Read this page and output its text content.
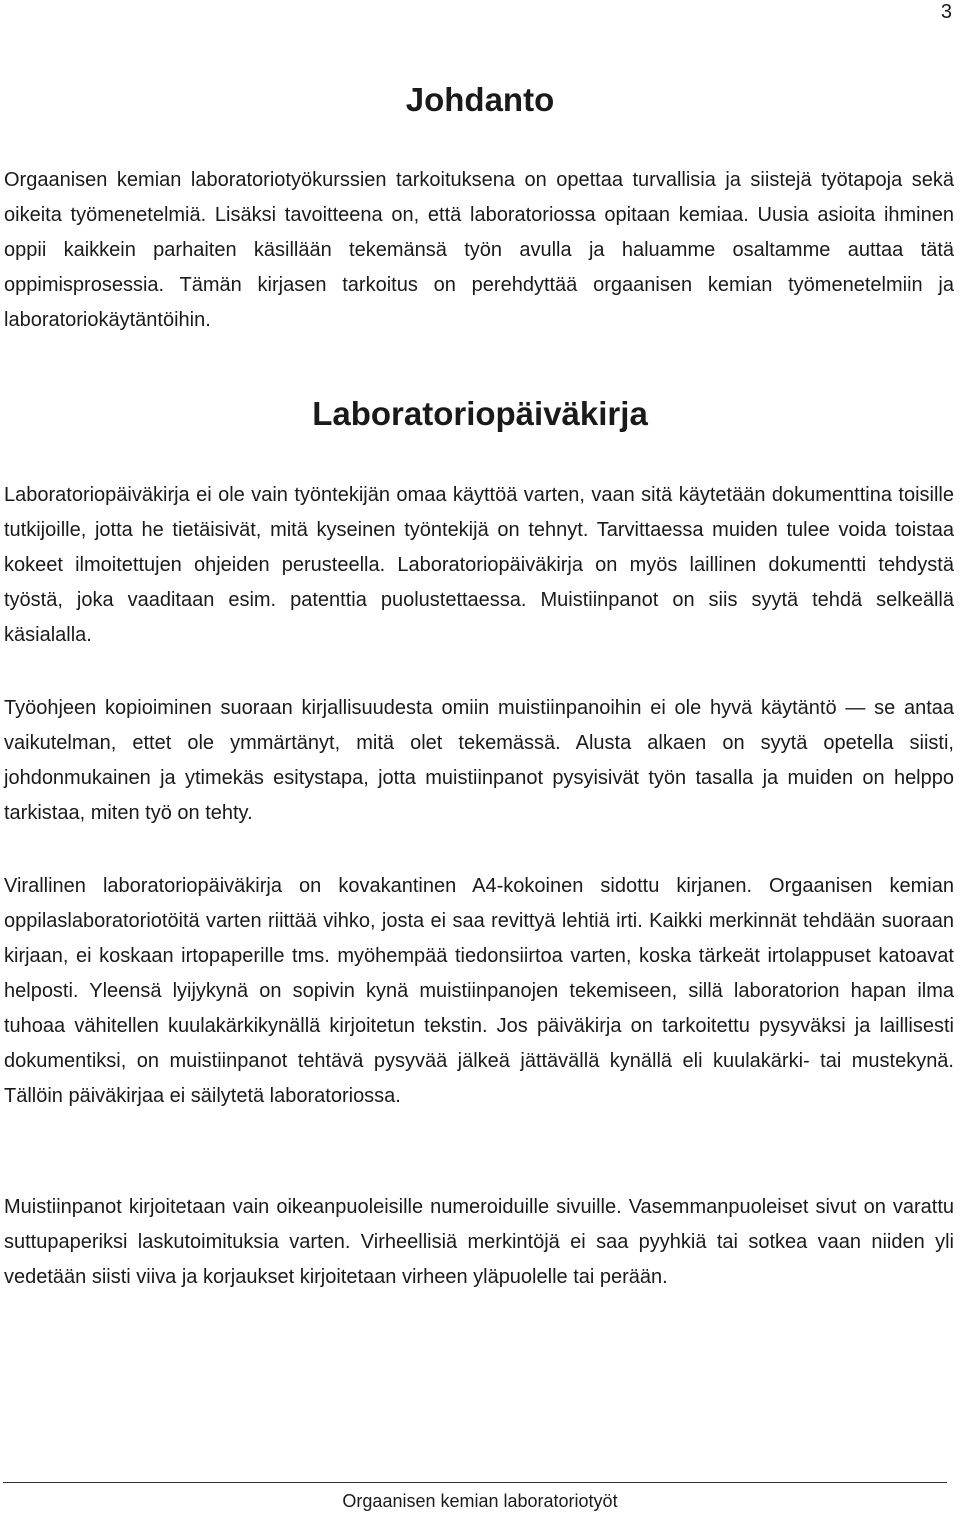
3
Johdanto

Orgaanisen kemian laboratoriotyökurssien tarkoituksena on opettaa turvallisia ja siistejä työtapoja sekä oikeita työmenetelmiä. Lisäksi tavoitteena on, että laboratoriossa opitaan kemiaa. Uusia asioita ihminen oppii kaikkein parhaiten käsillään tekemänsä työn avulla ja haluamme osaltamme auttaa tätä oppimisprosessia. Tämän kirjasen tarkoitus on perehdyttää orgaanisen kemian työmenetelmiin ja laboratoriokäytäntöihin.

Laboratoriopäiväkirja

Laboratoriopäiväkirja ei ole vain työntekijän omaa käyttöä varten, vaan sitä käytetään dokumenttina toisille tutkijoille, jotta he tietäisivät, mitä kyseinen työntekijä on tehnyt. Tarvittaessa muiden tulee voida toistaa kokeet ilmoitettujen ohjeiden perusteella. Laboratoriopäiväkirja on myös laillinen dokumentti tehdystä työstä, joka vaaditaan esim. patenttia puolustettaessa. Muistiinpanot on siis syytä tehdä selkeällä käsialalla.

Työohjeen kopioiminen suoraan kirjallisuudesta omiin muistiinpanoihin ei ole hyvä käytäntö — se antaa vaikutelman, ettet ole ymmärtänyt, mitä olet tekemässä. Alusta alkaen on syytä opetella siisti, johdonmukainen ja ytimekäs esitystapa, jotta muistiinpanot pysyisivät työn tasalla ja muiden on helppo tarkistaa, miten työ on tehty.

Virallinen laboratoriopäiväkirja on kovakantinen A4-kokoinen sidottu kirjanen. Orgaanisen kemian oppilaslaboratoriotöitä varten riittää vihko, josta ei saa revittyä lehtiä irti. Kaikki merkinnät tehdään suoraan kirjaan, ei koskaan irtopaperille tms. myöhempää tiedonsiirtoa varten, koska tärkeät irtolappuset katoavat helposti. Yleensä lyijykynä on sopivin kynä muistiinpanojen tekemiseen, sillä laboratorion hapan ilma tuhoaa vähitellen kuulakärkikynällä kirjoitetun tekstin. Jos päiväkirja on tarkoitettu pysyväksi ja laillisesti dokumentiksi, on muistiinpanot tehtävä pysyvää jälkeä jättävällä kynällä eli kuulakärki- tai mustekynä. Tällöin päiväkirjaa ei säilytetä laboratoriossa.

Muistiinpanot kirjoitetaan vain oikeanpuoleisille numeroiduille sivuille. Vasemmanpuoleiset sivut on varattu suttupaperiksi laskutoimituksia varten. Virheellisiä merkintöjä ei saa pyyhkiä tai sotkea vaan niiden yli vedetään siisti viiva ja korjaukset kirjoitetaan virheen yläpuolelle tai perään.

Orgaanisen kemian laboratoriotyöt
